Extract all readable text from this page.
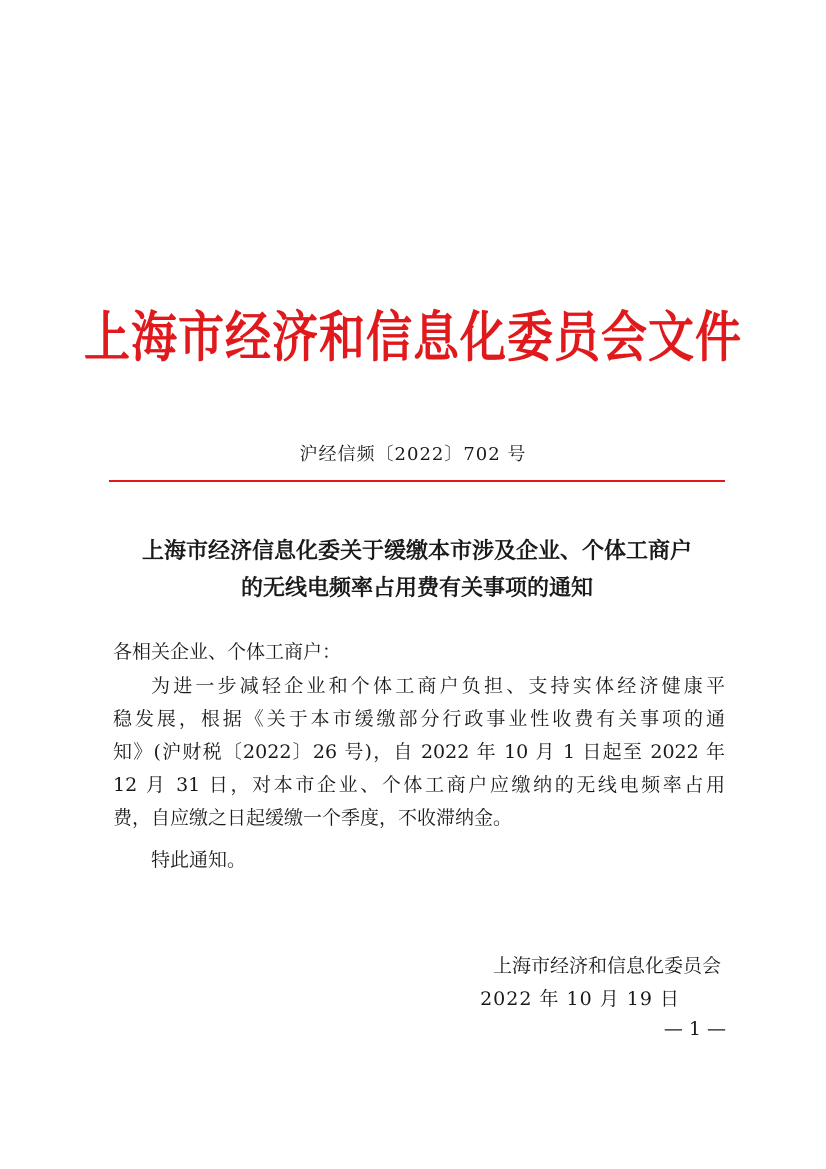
上海市经济和信息化委员会文件
沪经信频〔2022〕702 号
上海市经济信息化委关于缓缴本市涉及企业、个体工商户
的无线电频率占用费有关事项的通知
各相关企业、个体工商户：
为进一步减轻企业和个体工商户负担、支持实体经济健康平
稳发展，根据《关于本市缓缴部分行政事业性收费有关事项的通
知》(沪财税〔2022〕26 号)，自 2022 年 10 月 1 日起至 2022 年
12 月 31 日，对本市企业、个体工商户应缴纳的无线电频率占用
费，自应缴之日起缓缴一个季度，不收滞纳金。
特此通知。
上海市经济和信息化委员会
2022 年 10 月 19 日
— 1 —
